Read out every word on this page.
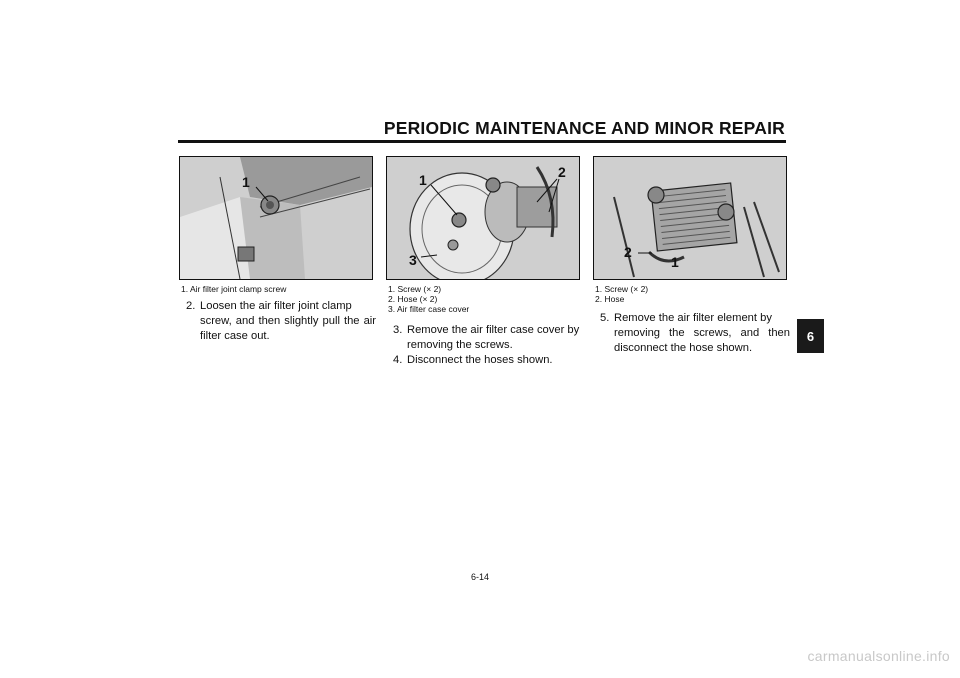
PERIODIC MAINTENANCE AND MINOR REPAIR
1	1	2
3	2
1
1. Air filter joint clamp screw	1. Screw (× 2)
2. Hose (× 2)
3. Air filter case cover
1. Screw (× 2)
2. Hose
2. Loosen the air filter joint clamp
screw, and then slightly pull the air filter case out.	3. Remove the air filter case cover by
removing the screws.
4. Disconnect the hoses shown.
5. Remove the air filter element by
removing the screws, and then disconnect the hose shown.
6
6-14
carmanualsonline.info
